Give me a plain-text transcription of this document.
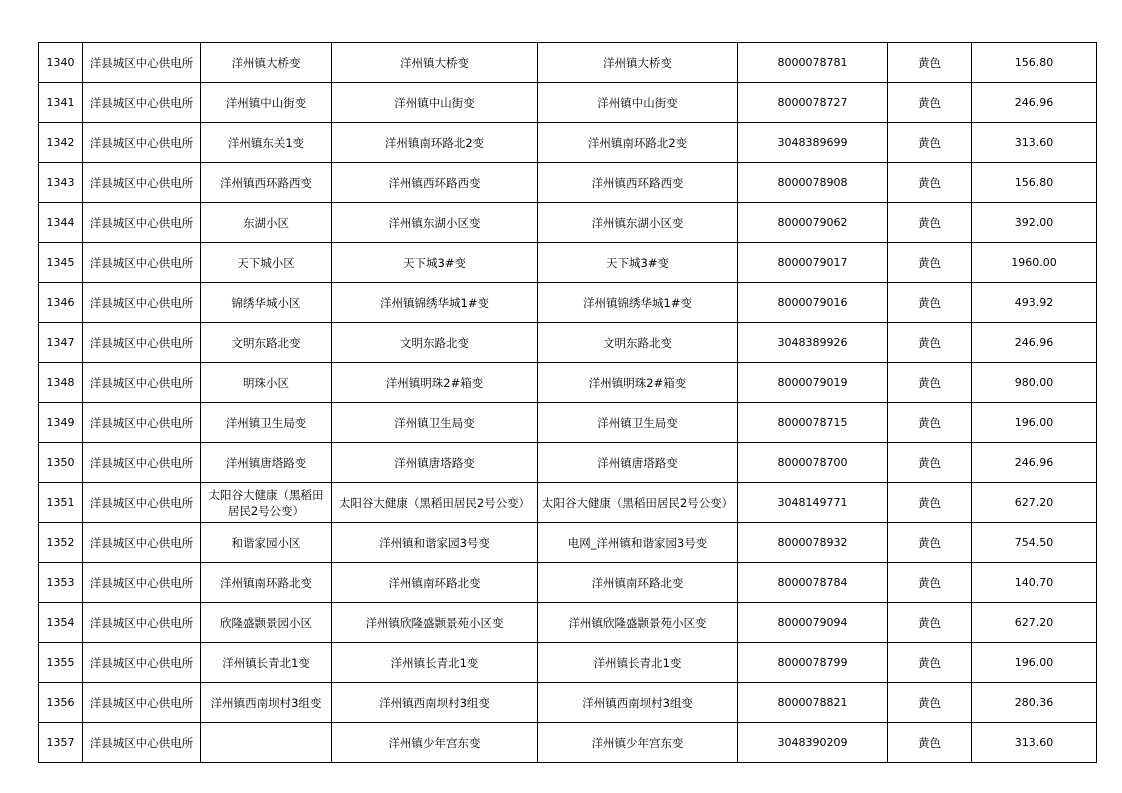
1340	洋县城区中心供电所	洋州镇大桥变	洋州镇大桥变	洋州镇大桥变	8000078781	黄色	156.80
1341	洋县城区中心供电所	洋州镇中山街变	洋州镇中山街变	洋州镇中山街变	8000078727	黄色	246.96
1342	洋县城区中心供电所	洋州镇东关1变	洋州镇南环路北2变	洋州镇南环路北2变	3048389699	黄色	313.60
1343	洋县城区中心供电所	洋州镇西环路西变	洋州镇西环路西变	洋州镇西环路西变	8000078908	黄色	156.80
1344	洋县城区中心供电所	东湖小区	洋州镇东湖小区变	洋州镇东湖小区变	8000079062	黄色	392.00
1345	洋县城区中心供电所	天下城小区	天下城3#变	天下城3#变	8000079017	黄色	1960.00
1346	洋县城区中心供电所	锦绣华城小区	洋州镇锦绣华城1#变	洋州镇锦绣华城1#变	8000079016	黄色	493.92
1347	洋县城区中心供电所	文明东路北变	文明东路北变	文明东路北变	3048389926	黄色	246.96
1348	洋县城区中心供电所	明珠小区	洋州镇明珠2#箱变	洋州镇明珠2#箱变	8000079019	黄色	980.00
1349	洋县城区中心供电所	洋州镇卫生局变	洋州镇卫生局变	洋州镇卫生局变	8000078715	黄色	196.00
1350	洋县城区中心供电所	洋州镇唐塔路变	洋州镇唐塔路变	洋州镇唐塔路变	8000078700	黄色	246.96
1351	洋县城区中心供电所	太阳谷大健康（黑稻田居民2号公变）	太阳谷大健康（黑稻田居民2号公变）	太阳谷大健康（黑稻田居民2号公变）	3048149771	黄色	627.20
1352	洋县城区中心供电所	和谐家园小区	洋州镇和谐家园3号变	电网_洋州镇和谐家园3号变	8000078932	黄色	754.50
1353	洋县城区中心供电所	洋州镇南环路北变	洋州镇南环路北变	洋州镇南环路北变	8000078784	黄色	140.70
1354	洋县城区中心供电所	欣隆盛颢景园小区	洋州镇欣隆盛颢景苑小区变	洋州镇欣隆盛颢景苑小区变	8000079094	黄色	627.20
1355	洋县城区中心供电所	洋州镇长青北1变	洋州镇长青北1变	洋州镇长青北1变	8000078799	黄色	196.00
1356	洋县城区中心供电所	洋州镇西南坝村3组变	洋州镇西南坝村3组变	洋州镇西南坝村3组变	8000078821	黄色	280.36
1357	洋县城区中心供电所		洋州镇少年宫东变	洋州镇少年宫东变	3048390209	黄色	313.60
